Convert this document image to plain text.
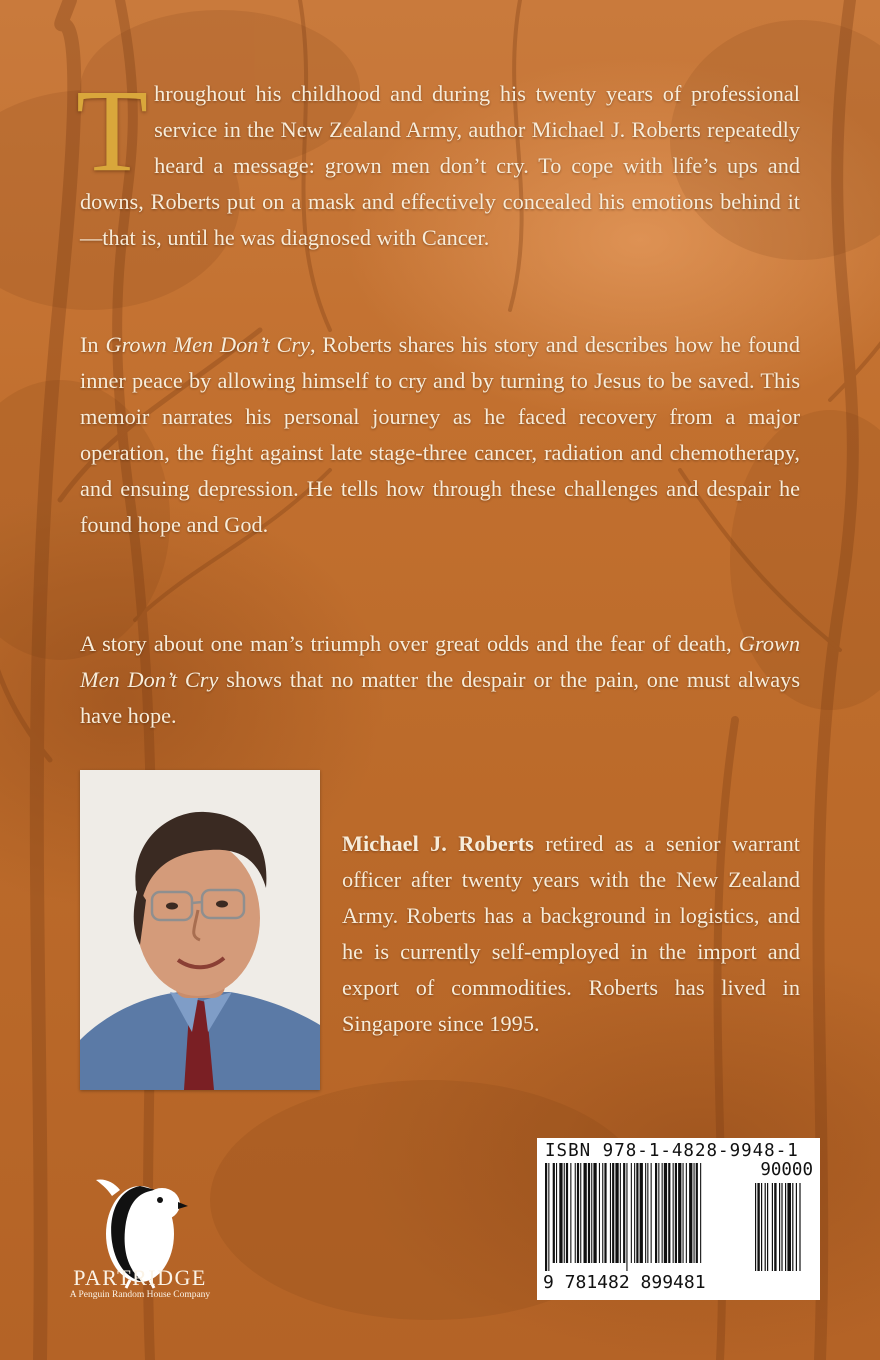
Throughout his childhood and during his twenty years of professional service in the New Zealand Army, author Michael J. Roberts repeatedly heard a message: grown men don’t cry. To cope with life’s ups and downs, Roberts put on a mask and effectively concealed his emotions behind it—that is, until he was diagnosed with Cancer.

In Grown Men Don’t Cry, Roberts shares his story and describes how he found inner peace by allowing himself to cry and by turning to Jesus to be saved. This memoir narrates his personal journey as he faced recovery from a major operation, the fight against late stage-three cancer, radiation and chemotherapy, and ensuing depression. He tells how through these challenges and despair he found hope and God.

A story about one man’s triumph over great odds and the fear of death, Grown Men Don’t Cry shows that no matter the despair or the pain, one must always have hope.

Michael J. Roberts retired as a senior warrant officer after twenty years with the New Zealand Army. Roberts has a background in logistics, and he is currently self-employed in the import and export of commodities. Roberts has lived in Singapore since 1995.
PARTRIDGE
A Penguin Random House Company
ISBN 978-1-4828-9948-1
90000
9 781482 899481
